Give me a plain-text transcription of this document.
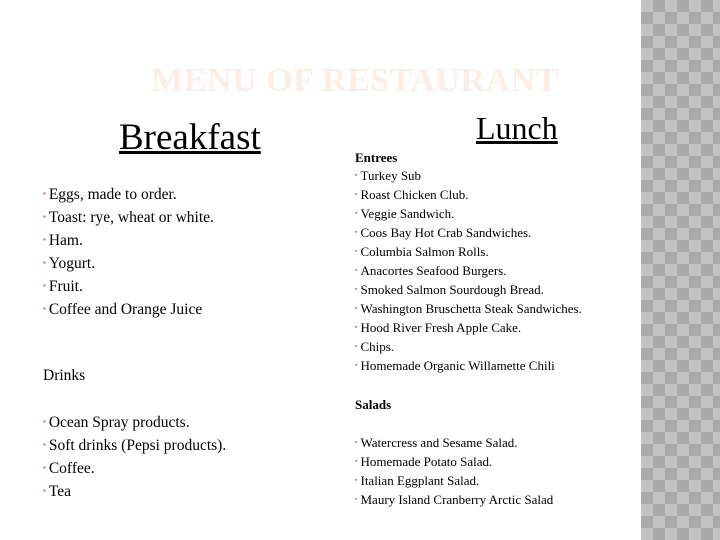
MENU OF RESTAURANT
Breakfast	Lunch
▪ Eggs, made to order.
▪ Toast: rye, wheat or white.
▪ Ham.
▪ Yogurt.
▪ Fruit.
▪ Coffee and Orange Juice
Drinks
▪ Ocean Spray products.
▪ Soft drinks (Pepsi products).
▪ Coffee.
▪ Tea
Entrees
▪ Turkey Sub
▪ Roast Chicken Club.
▪ Veggie Sandwich.
▪ Coos Bay Hot Crab Sandwiches.
▪ Columbia Salmon Rolls.
▪ Anacortes Seafood Burgers.
▪ Smoked Salmon Sourdough Bread.
▪ Washington Bruschetta Steak Sandwiches.
▪ Hood River Fresh Apple Cake.
▪ Chips.
▪ Homemade Organic Willamette Chili
Salads
▪ Watercress and Sesame Salad.
▪ Homemade Potato Salad.
▪ Italian Eggplant Salad.
▪ Maury Island Cranberry Arctic Salad
